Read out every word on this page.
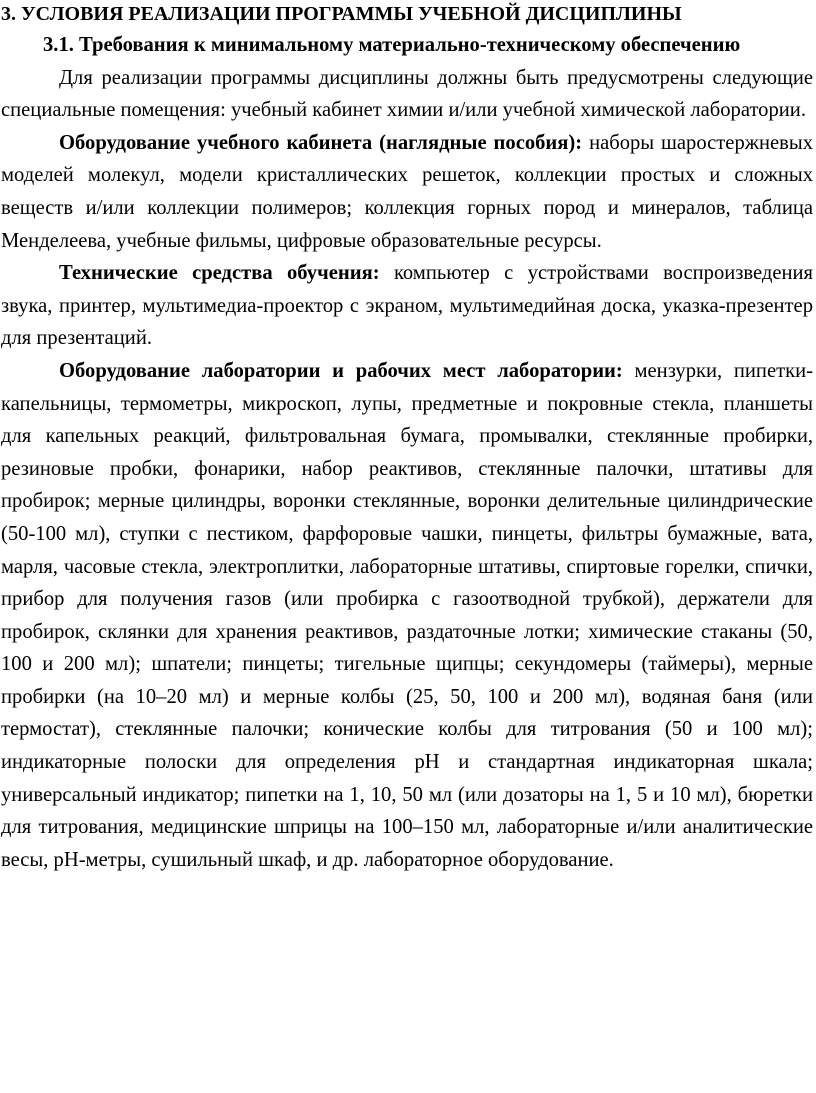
3. УСЛОВИЯ РЕАЛИЗАЦИИ ПРОГРАММЫ УЧЕБНОЙ ДИСЦИПЛИНЫ

3.1. Требования к минимальному материально-техническому обеспечению

Для реализации программы дисциплины должны быть предусмотрены следующие специальные помещения: учебный кабинет химии и/или учебной химической лаборатории.

Оборудование учебного кабинета (наглядные пособия): наборы шаростержневых моделей молекул, модели кристаллических решеток, коллекции простых и сложных веществ и/или коллекции полимеров; коллекция горных пород и минералов, таблица Менделеева, учебные фильмы, цифровые образовательные ресурсы.

Технические средства обучения: компьютер с устройствами воспроизведения звука, принтер, мультимедиа-проектор с экраном, мультимедийная доска, указка-презентер для презентаций.

Оборудование лаборатории и рабочих мест лаборатории: мензурки, пипетки-капельницы, термометры, микроскоп, лупы, предметные и покровные стекла, планшеты для капельных реакций, фильтровальная бумага, промывалки, стеклянные пробирки, резиновые пробки, фонарики, набор реактивов, стеклянные палочки, штативы для пробирок; мерные цилиндры, воронки стеклянные, воронки делительные цилиндрические (50-100 мл), ступки с пестиком, фарфоровые чашки, пинцеты, фильтры бумажные, вата, марля, часовые стекла, электроплитки, лабораторные штативы, спиртовые горелки, спички, прибор для получения газов (или пробирка с газоотводной трубкой), держатели для пробирок, склянки для хранения реактивов, раздаточные лотки; химические стаканы (50, 100 и 200 мл); шпатели; пинцеты; тигельные щипцы; секундомеры (таймеры), мерные пробирки (на 10–20 мл) и мерные колбы (25, 50, 100 и 200 мл), водяная баня (или термостат), стеклянные палочки; конические колбы для титрования (50 и 100 мл); индикаторные полоски для определения pH и стандартная индикаторная шкала; универсальный индикатор; пипетки на 1, 10, 50 мл (или дозаторы на 1, 5 и 10 мл), бюретки для титрования, медицинские шприцы на 100–150 мл, лабораторные и/или аналитические весы, pH-метры, сушильный шкаф, и др. лабораторное оборудование.
